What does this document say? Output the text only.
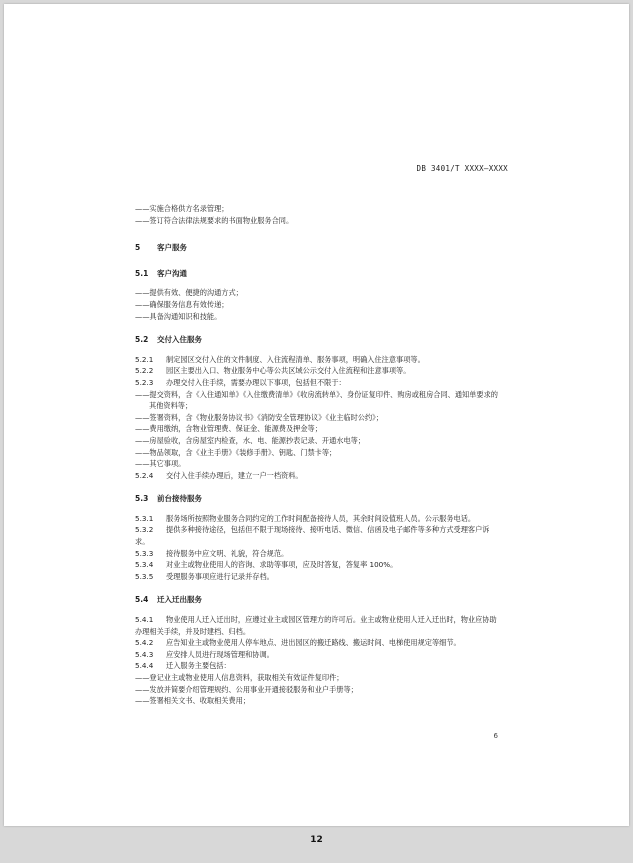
DB 3401/T XXXX—XXXX
——实施合格供方名录管理；
——签订符合法律法规要求的书面物业服务合同。
5 客户服务
5.1 客户沟通
——提供有效、便捷的沟通方式；
——确保服务信息有效传递；
——具备沟通知识和技能。
5.2 交付入住服务
5.2.1 制定园区交付入住的文件制度、入住流程清单、服务事项，明确入住注意事项等。
5.2.2 园区主要出入口、物业服务中心等公共区域公示交付入住流程和注意事项等。
5.2.3 办理交付入住手续，需要办理以下事项，包括但不限于：
——提交资料，含《入住通知单》《入住缴费清单》《收房流转单》、身份证复印件、购房或租房合同、通知单要求的其他资料等；
——签署资料，含《物业服务协议书》《消防安全管理协议》《业主临时公约》；
——费用缴纳，含物业管理费、保证金、能源费及押金等；
——房屋验收，含房屋室内检查，水、电、能源抄表记录、开通水电等；
——物品领取，含《业主手册》《装修手册》、钥匙、门禁卡等；
——其它事项。
5.2.4 交付入住手续办理后，建立一户一档资料。
5.3 前台接待服务
5.3.1 服务场所按照物业服务合同约定的工作时间配备接待人员，其余时间设值班人员。公示服务电话。
5.3.2 提供多种接待途径，包括但不限于现场接待、接听电话、微信、信函及电子邮件等多种方式受理客户诉求。
5.3.3 接待服务中应文明、礼貌，符合规范。
5.3.4 对业主或物业使用人的咨询、求助等事项，应及时答复，答复率 100%。
5.3.5 受理服务事项应进行记录并存档。
5.4 迁入迁出服务
5.4.1 物业使用人迁入迁出时，应遵过业主或园区管理方的许可后。业主或物业使用人迁入迁出时，物业应协助办理相关手续，并及时建档、归档。
5.4.2 应告知业主或物业使用人停车地点、进出园区的搬迁路线、搬运时间、电梯使用规定等细节。
5.4.3 应安排人员进行现场管理和协调。
5.4.4 迁入服务主要包括：
——登记业主或物业使用人信息资料，获取相关有效证件复印件；
——发放并简要介绍管理规约、公用事业开通接驳服务和业户手册等；
——签署相关文书、收取相关费用；
6
12
